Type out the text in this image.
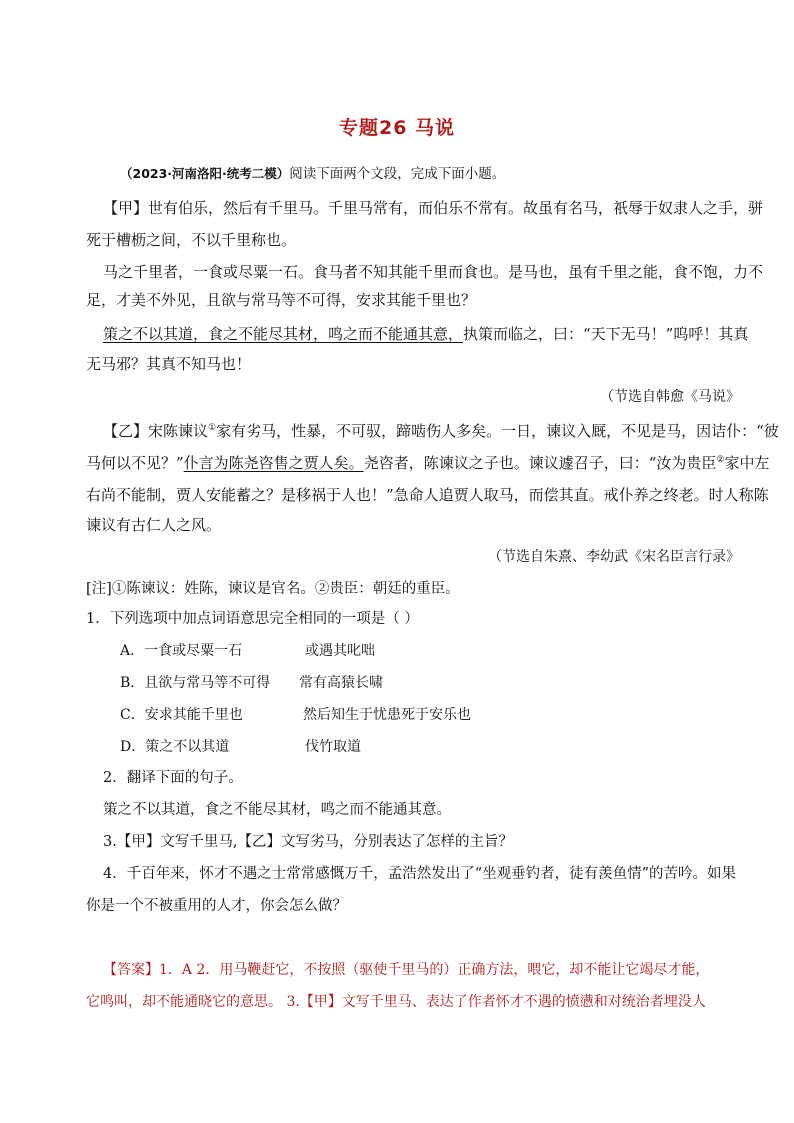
专题26 马说
（2023·河南洛阳·统考二模）阅读下面两个文段，完成下面小题。
【甲】世有伯乐，然后有千里马。千里马常有，而伯乐不常有。故虽有名马，祇辱于奴隶人之手，骈
死于槽枥之间，不以千里称也。
马之千里者，一食或尽粟一石。食马者不知其能千里而食也。是马也，虽有千里之能，食不饱，力不
足，才美不外见，且欲与常马等不可得，安求其能千里也？
策之不以其道，食之不能尽其材，鸣之而不能通其意，执策而临之，曰：“天下无马！”呜呼！其真
无马邪？其真不知马也！
（节选自韩愈《马说》
【乙】宋陈谏议①家有劣马，性暴，不可驭，蹄啮伤人多矣。一日，谏议入厩，不见是马，因诘仆：“彼
马何以不见？”仆言为陈尧咨售之贾人矣。尧咨者，陈谏议之子也。谏议遽召子，曰：“汝为贵臣②家中左
右尚不能制，贾人安能蓄之？是移祸于人也！”急命人追贾人取马，而偿其直。戒仆养之终老。时人称陈
谏议有古仁人之风。
（节选自朱熹、李幼武《宋名臣言行录》
[注]①陈谏议：姓陈，谏议是官名。②贵臣：朝廷的重臣。
1．下列选项中加点词语意思完全相同的一项是（ ）
A．一食或尽粟一石	或遇其叱咄
B．且欲与常马等不可得 常有高猿长啸
C．安求其能千里也	然后知生于忧患死于安乐也
D．策之不以其道	伐竹取道
2．翻译下面的句子。
策之不以其道，食之不能尽其材，鸣之而不能通其意。
3.【甲】文写千里马,【乙】文写劣马，分别表达了怎样的主旨？
4．千百年来，怀才不遇之士常常感慨万千，孟浩然发出了“坐观垂钓者，徒有羡鱼情”的苦吟。如果
你是一个不被重用的人才，你会怎么做？
【答案】1．A 2．用马鞭赶它，不按照（驱使千里马的）正确方法，喂它，却不能让它竭尽才能，
它鸣叫，却不能通晓它的意思。 3.【甲】文写千里马、表达了作者怀才不遇的愤懑和对统治者埋没人
